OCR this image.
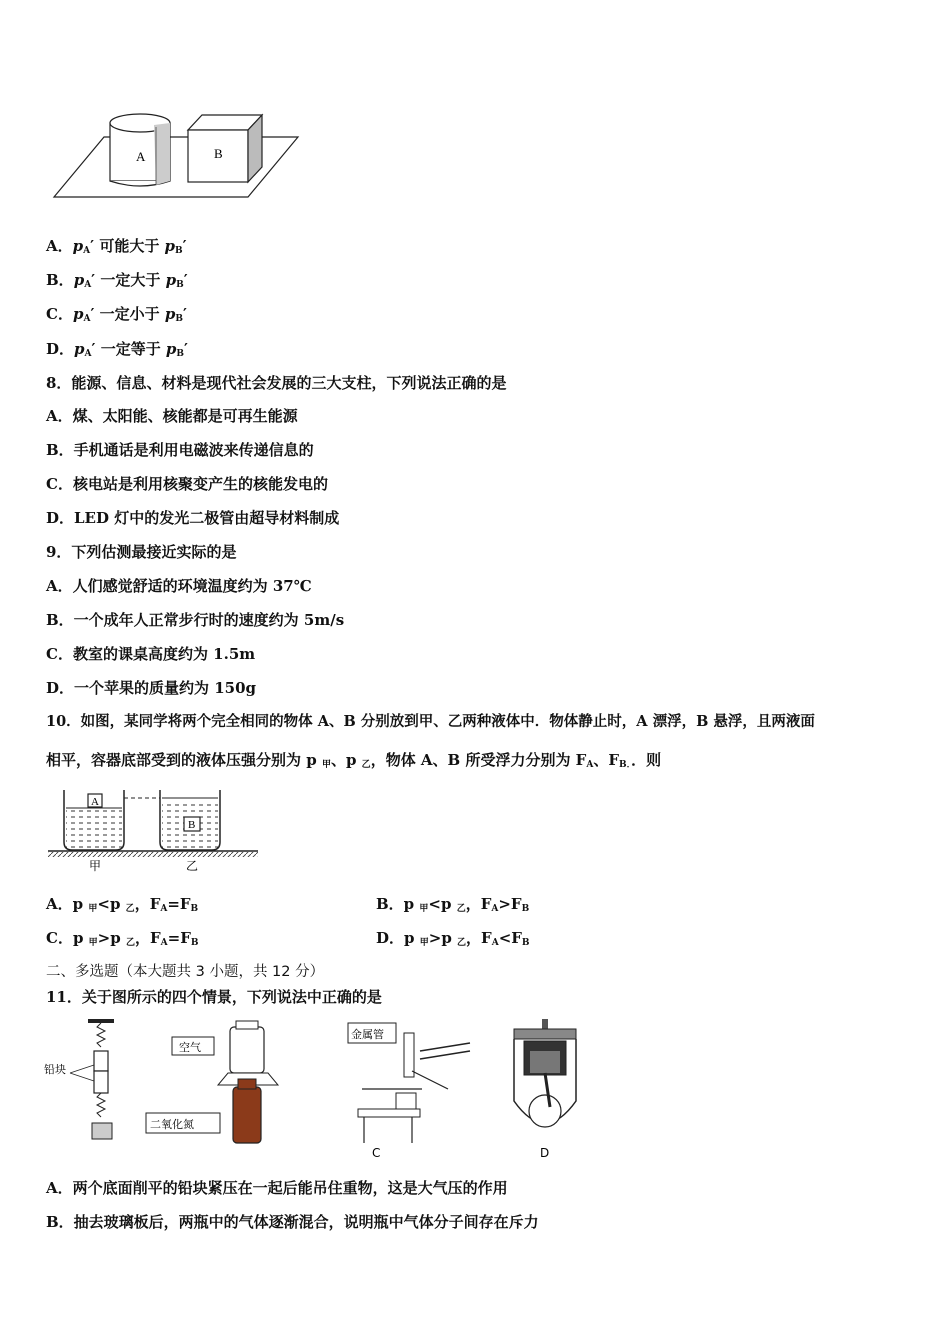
A	B
A．$p_A'$ 可能大于 $p_B'$
B．$p_A'$ 一定大于 $p_B'$
C．$p_A'$ 一定小于 $p_B'$
D．$p_A'$ 一定等于 $p_B'$
8．能源、信息、材料是现代社会发展的三大支柱，下列说法正确的是
A．煤、太阳能、核能都是可再生能源
B．手机通话是利用电磁波来传递信息的
C．核电站是利用核聚变产生的核能发电的
D．LED 灯中的发光二极管由超导材料制成
9．下列估测最接近实际的是
A．人们感觉舒适的环境温度约为 37℃
B．一个成年人正常步行时的速度约为 5m/s
C．教室的课桌高度约为 1.5m
D．一个苹果的质量约为 150g
10．如图，某同学将两个完全相同的物体 A、B 分别放到甲、乙两种液体中．物体静止时，A 漂浮，B 悬浮，且两液面
相平，容器底部受到的液体压强分别为 p $_甲$、p $_乙$，物体 A、B 所受浮力分别为 $F_A$、$F_{B.}$．则
A
B
甲	乙
A．p $_甲$<p $_乙$，$F_A=F_B$	B．p $_甲$<p $_乙$，$F_A>F_B$
C．p $_甲$>p $_乙$，$F_A=F_B$	D．p $_甲$>p $_乙$，$F_A<F_B$
二、多选题（本大题共 3 小题，共 12 分）
11．关于图所示的四个情景，下列说法中正确的是
铅块
空气
二氧化氮
金属管
C	D
A．两个底面削平的铅块紧压在一起后能吊住重物，这是大气压的作用
B．抽去玻璃板后，两瓶中的气体逐渐混合，说明瓶中气体分子间存在斥力
